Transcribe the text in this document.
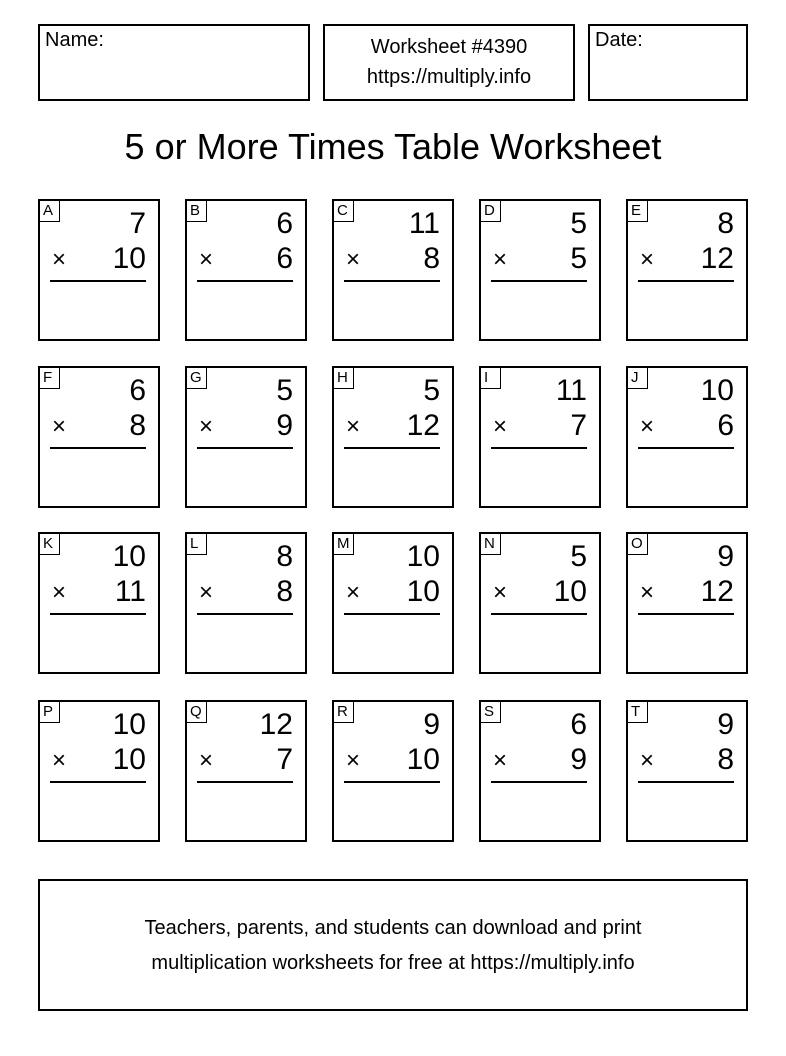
Name:	Worksheet #4390
https://multiply.info
Date:
5 or More Times Table Worksheet
A	7
× 10
B	6
× 6
C 11
× 8
D	5
× 5
E	8
× 12
F	6
× 8
G 5
× 9
H	5
× 12
I	11
× 7
J	10
× 6
K 10
× 11
L	8
× 8
M 10
× 10
N	5
× 10
O 9
× 12
P 10
× 10
Q 12
× 7
R	9
× 10
S	6
× 9
T	9
× 8
Teachers, parents, and students can download and print
multiplication worksheets for free at https://multiply.info
